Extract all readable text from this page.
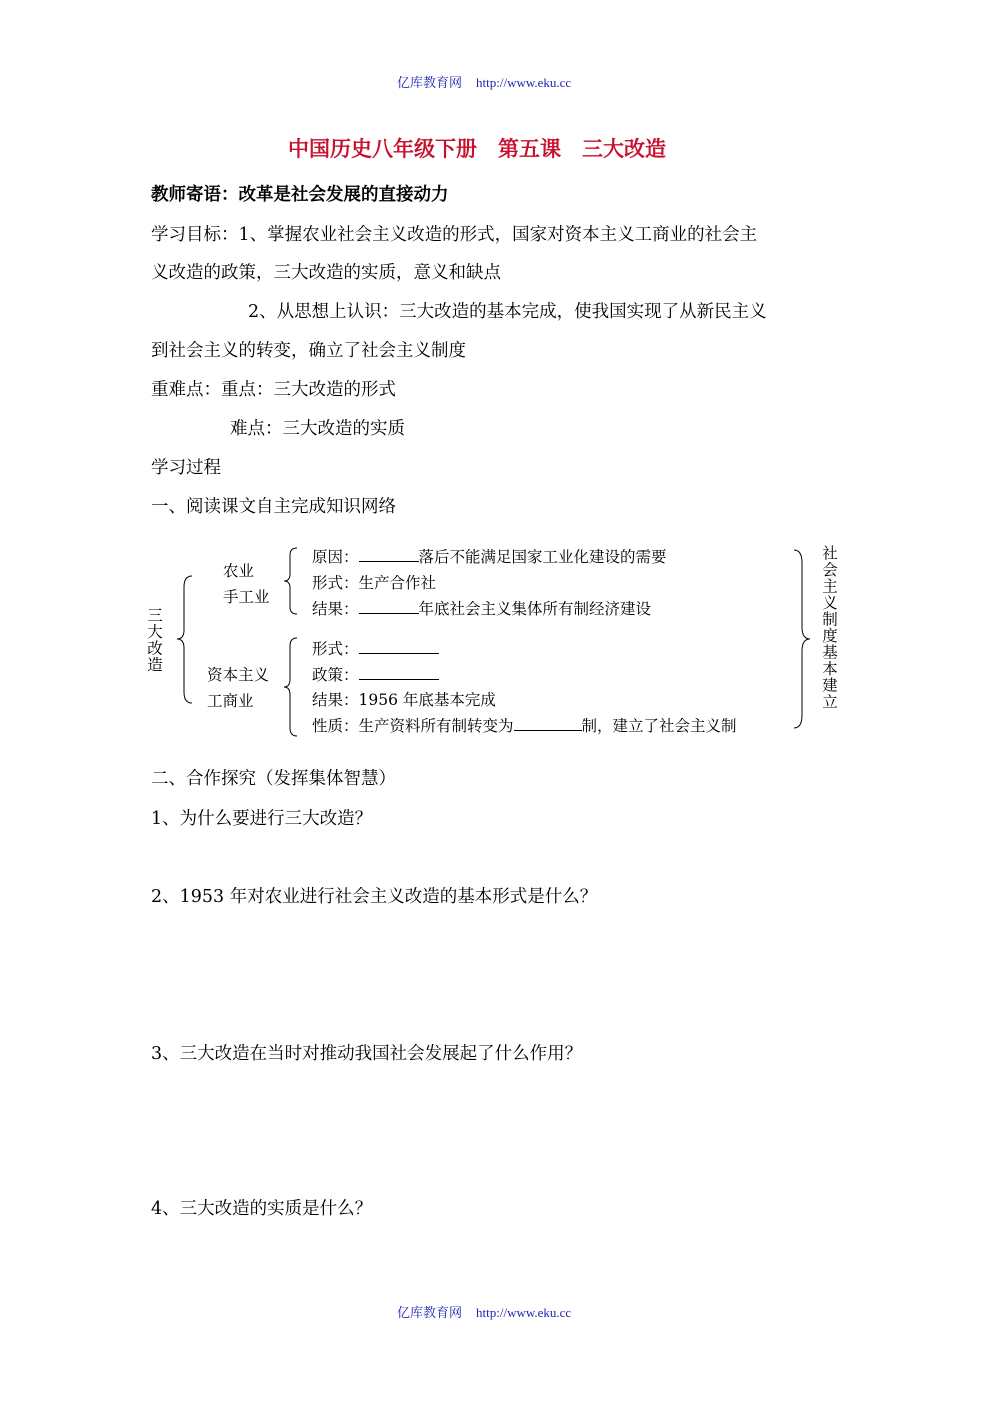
亿库教育网 http://www.eku.cc
中国历史八年级下册　第五课　三大改造
教师寄语：改革是社会发展的直接动力
学习目标：1、掌握农业社会主义改造的形式，国家对资本主义工商业的社会主
义改造的政策，三大改造的实质，意义和缺点
2、从思想上认识：三大改造的基本完成，使我国实现了从新民主义
到社会主义的转变，确立了社会主义制度
重难点：重点：三大改造的形式
难点：三大改造的实质
学习过程
一、阅读课文自主完成知识网络
三大改造
农业
手工业
原因：	落后不能满足国家工业化建设的需要
形式：生产合作社
结果：	年底社会主义集体所有制经济建设
资本主义
工商业
形式：
政策：
结果：1956 年底基本完成
性质：生产资料所有制转变为	制，建立了社会主义制
社会主义制度基本建立
二、合作探究（发挥集体智慧）
1、为什么要进行三大改造？
2、1953 年对农业进行社会主义改造的基本形式是什么？
3、三大改造在当时对推动我国社会发展起了什么作用？
4、三大改造的实质是什么？
亿库教育网 http://www.eku.cc
